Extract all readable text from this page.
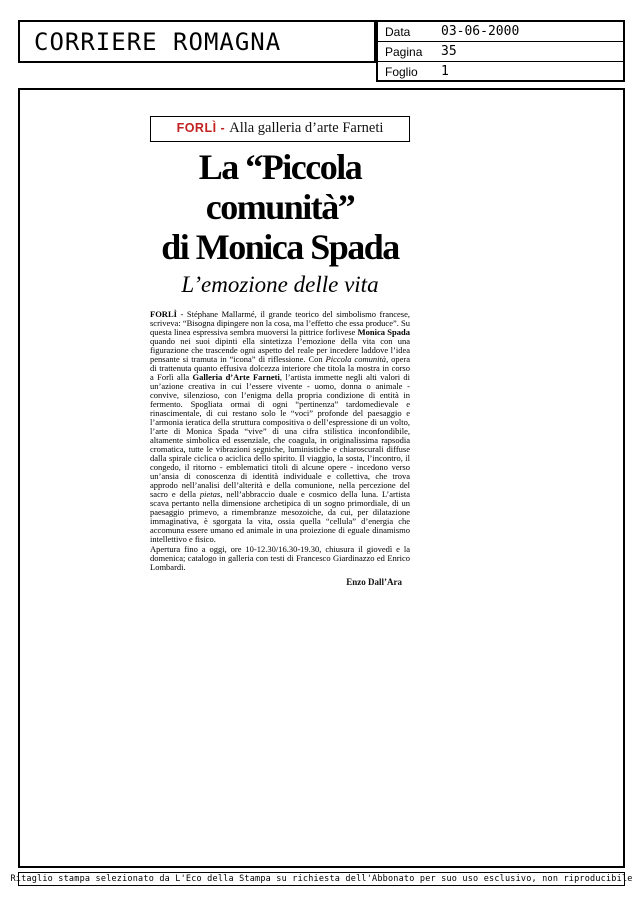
CORRIERE ROMAGNA	Data	03-06-2000
Pagina	35
Foglio	1
FORLÌ - Alla galleria d’arte Farneti
La “Piccola
comunità”
di Monica Spada
L’emozione delle vita

FORLÌ - Stéphane Mallarmé, il grande teorico del simbolismo francese, scriveva: “Bisogna dipingere non la cosa, ma l’effetto che essa produce”. Su questa linea espressiva sembra muoversi la pittrice forlivese Monica Spada quando nei suoi dipinti ella sintetizza l’emozione della vita con una figurazione che trascende ogni aspetto del reale per incedere laddove l’idea pensante si tramuta in “icona” di riflessione. Con Piccola comunità, opera di trattenuta quanto effusiva dolcezza interiore che titola la mostra in corso a Forlì alla Galleria d’Arte Farneti, l’artista immette negli alti valori di un’azione creativa in cui l’essere vivente - uomo, donna o animale - convive, silenzioso, con l’enigma della propria condizione di entità in fermento. Spogliata ormai di ogni “pertinenza” tardomedievale e rinascimentale, di cui restano solo le “voci” profonde del paesaggio e l’armonia ieratica della struttura compositiva o dell’espressione di un volto, l’arte di Monica Spada “vive” di una cifra stilistica inconfondibile, altamente simbolica ed essenziale, che coagula, in originalissima rapsodia cromatica, tutte le vibrazioni segniche, luministiche e chiaroscurali diffuse dalla spirale ciclica o aciclica dello spirito. Il viaggio, la sosta, l’incontro, il congedo, il ritorno - emblematici titoli di alcune opere - incedono verso un’ansia di conoscenza di identità individuale e collettiva, che trova approdo nell’analisi dell’alterità e della comunione, nella percezione del sacro e della pietas, nell’abbraccio duale e cosmico della luna. L’artista scava pertanto nella dimensione archetipica di un sogno primordiale, di un paesaggio primevo, a rimembranze mesozoiche, da cui, per dilatazione immaginativa, è sgorgata la vita, ossia quella “cellula” d’energia che accomuna essere umano ed animale in una proiezione di eguale dinamismo intellettivo e fisico.

Apertura fino a oggi, ore 10-12.30/16.30-19.30, chiusura il giovedì e la domenica; catalogo in galleria con testi di Francesco Giardinazzo ed Enrico Lombardi.

Enzo Dall’Ara
Ritaglio stampa selezionato da L'Eco della Stampa su richiesta dell'Abbonato per suo uso esclusivo, non riproducibile
